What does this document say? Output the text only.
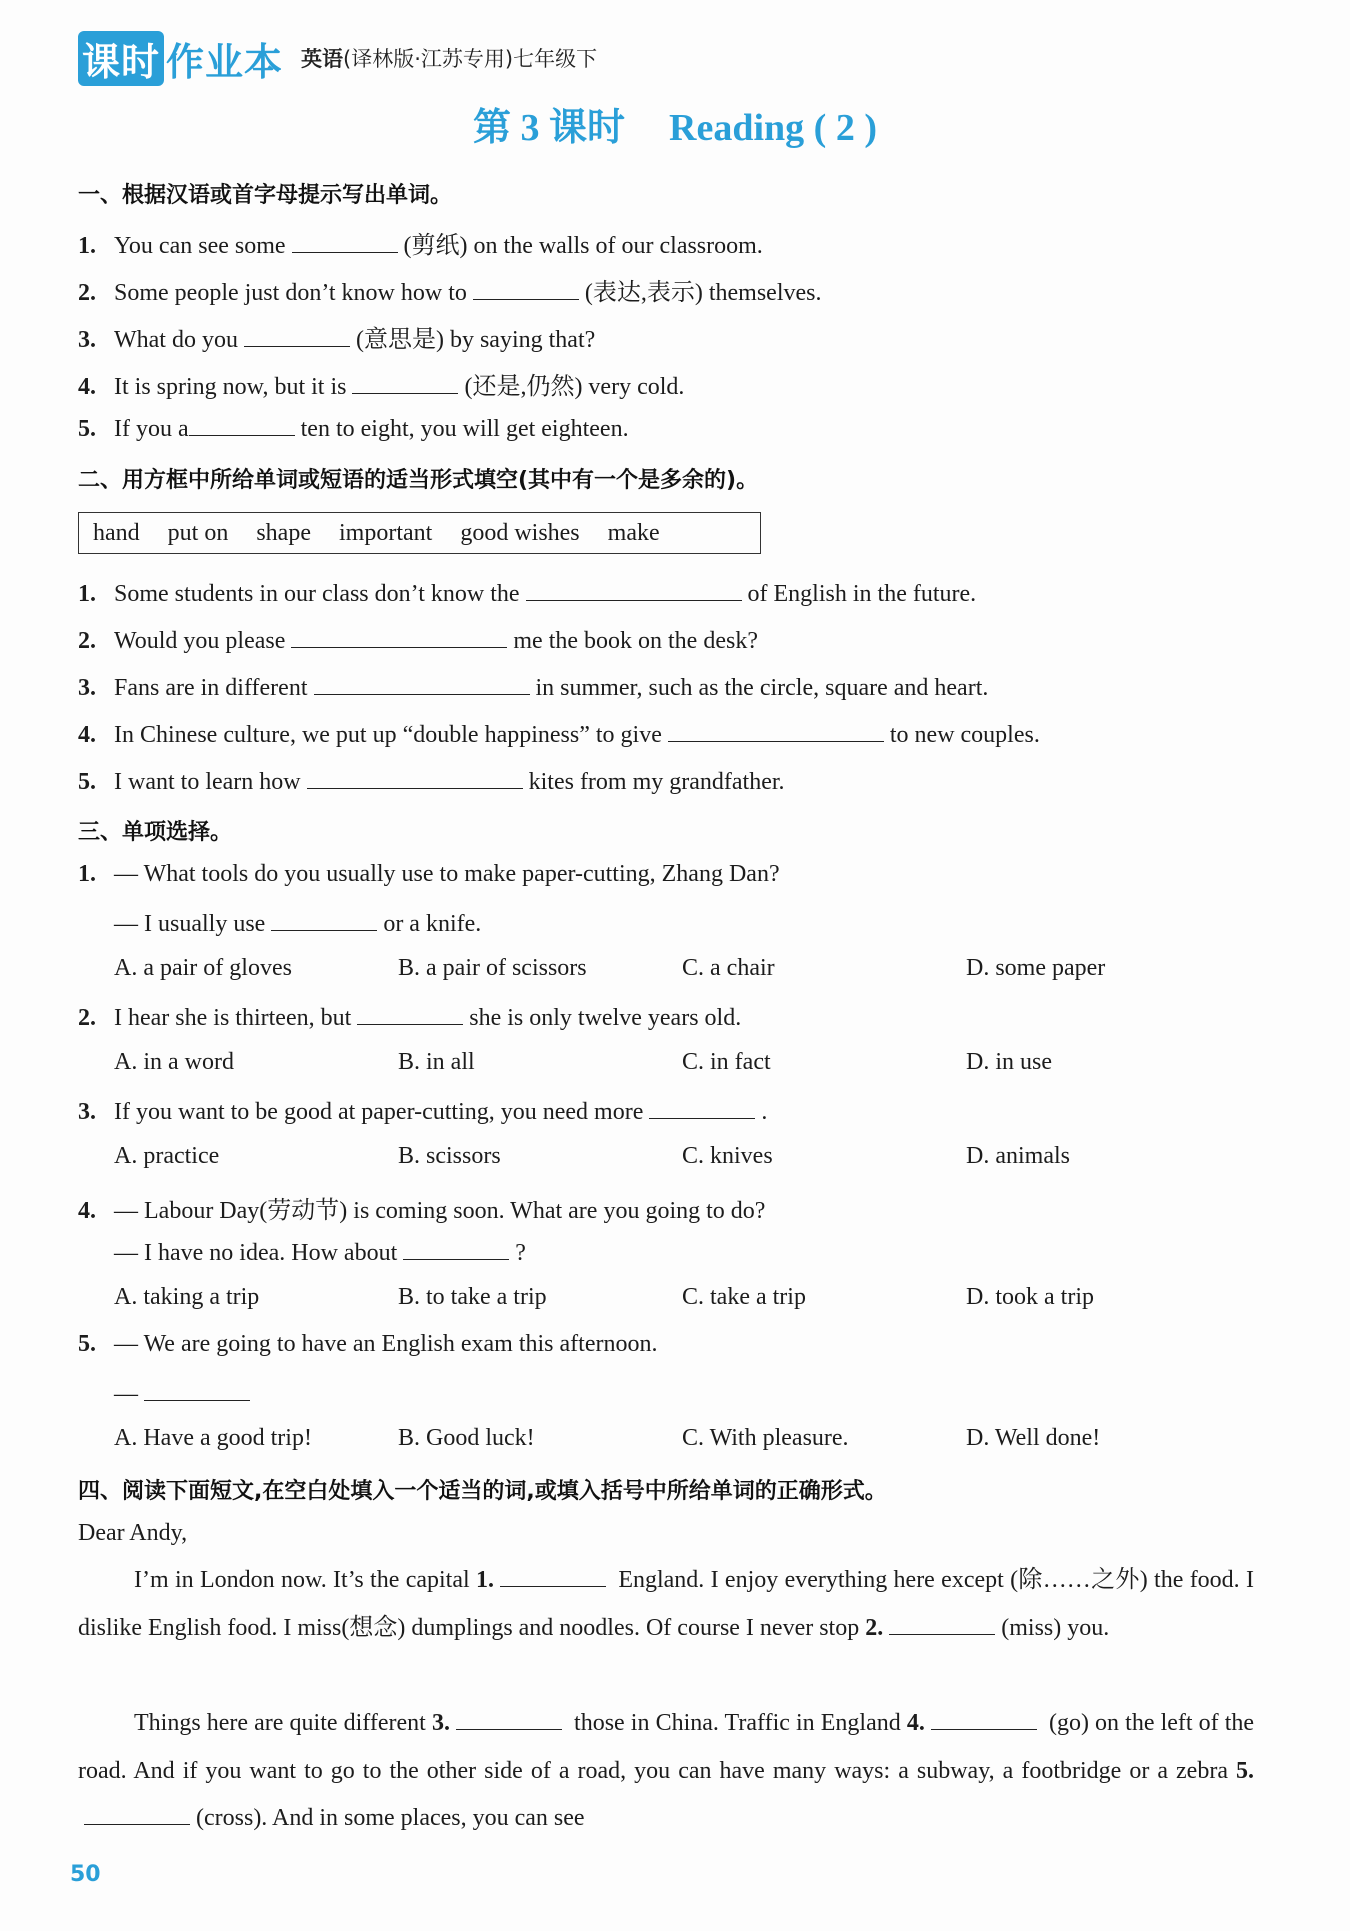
课时 作业本 英语(译林版·江苏专用)七年级下
第 3 课时 Reading ( 2 )
一、根据汉语或首字母提示写出单词。
1. You can see some	(剪纸) on the walls of our classroom.
2. Some people just don’t know how to	(表达,表示) themselves.
3. What do you	(意思是) by saying that?
4. It is spring now, but it is	(还是,仍然) very cold.
5. If you a	ten to eight, you will get eighteen.
二、用方框中所给单词或短语的适当形式填空(其中有一个是多余的)。
hand put on shape important good wishes make
1. Some students in our class don’t know the	of English in the future.
2. Would you please	me the book on the desk?
3. Fans are in different	in summer, such as the circle, square and heart.
4. In Chinese culture, we put up “double happiness” to give	to new couples.
5. I want to learn how	kites from my grandfather.
三、单项选择。
1. — What tools do you usually use to make paper-cutting, Zhang Dan?
— I usually use	or a knife.
A. a pair of gloves	B. a pair of scissors	C. a chair	D. some paper
2. I hear she is thirteen, but	she is only twelve years old.
A. in a word	B. in all	C. in fact	D. in use
3. If you want to be good at paper-cutting, you need more	.
A. practice	B. scissors	C. knives	D. animals
4. — Labour Day(劳动节) is coming soon. What are you going to do?
— I have no idea. How about	?
A. taking a trip	B. to take a trip	C. take a trip	D. took a trip
5. — We are going to have an English exam this afternoon.
—
A. Have a good trip!	B. Good luck!	C. With pleasure.	D. Well done!
四、阅读下面短文,在空白处填入一个适当的词,或填入括号中所给单词的正确形式。
Dear Andy,
I’m in London now. It’s the capital 1.	England. I enjoy everything here except (除……之外) the food. I dislike English food. I miss(想念) dumplings and noodles. Of course I never stop 2.	(miss) you.
Things here are quite different 3.	those in China. Traffic in England 4.	(go) on the left of the road. And if you want to go to the other side of a road, you can have many ways: a subway, a footbridge or a zebra 5.(cross). And in some places, you can see
50
